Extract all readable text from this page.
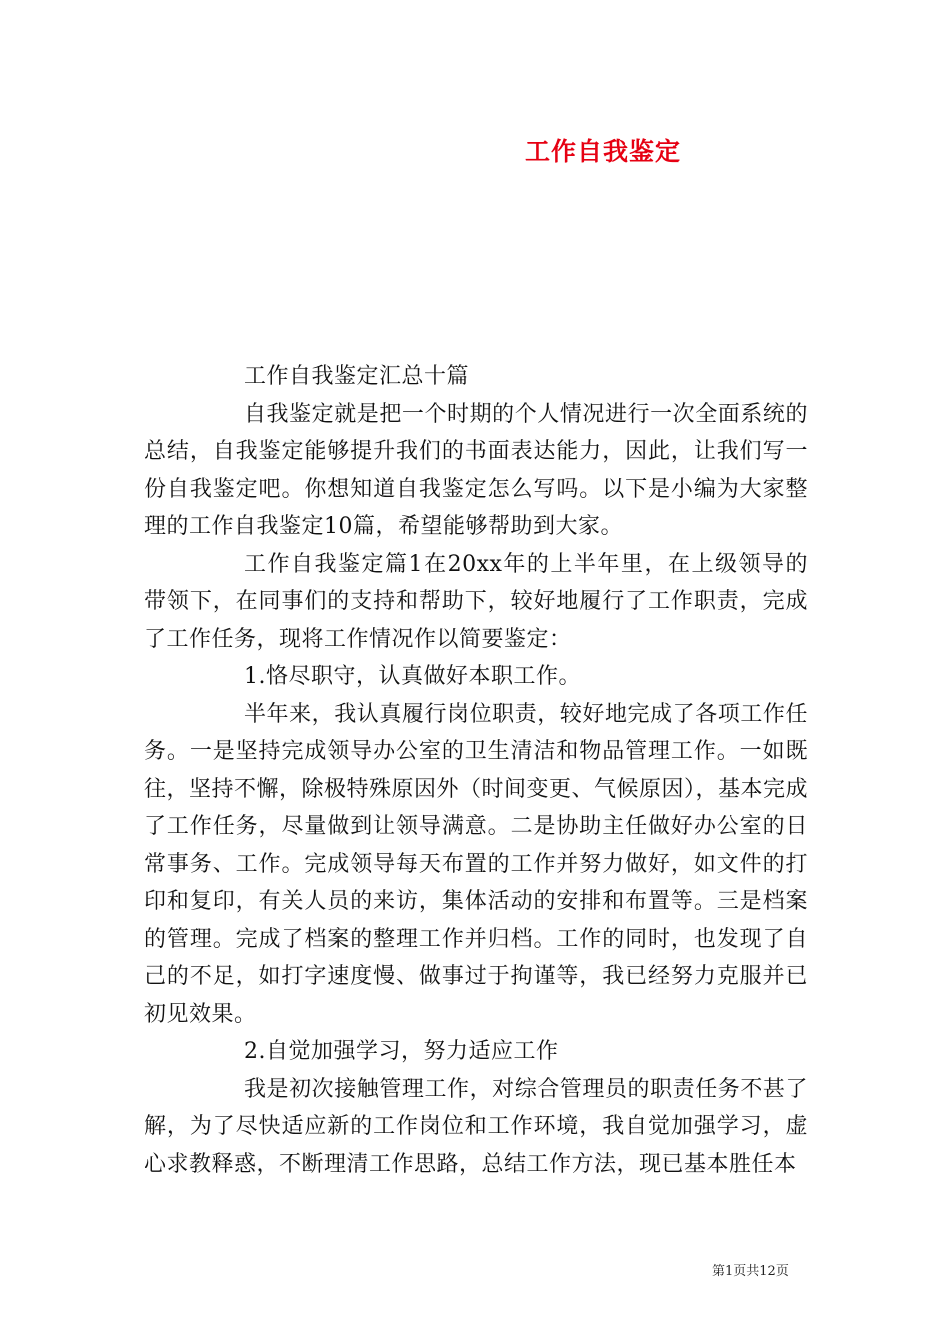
工作自我鉴定

工作自我鉴定汇总十篇

自我鉴定就是把一个时期的个人情况进行一次全面系统的总结，自我鉴定能够提升我们的书面表达能力，因此，让我们写一份自我鉴定吧。你想知道自我鉴定怎么写吗。以下是小编为大家整理的工作自我鉴定10篇，希望能够帮助到大家。

工作自我鉴定篇1在20xx年的上半年里，在上级领导的带领下，在同事们的支持和帮助下，较好地履行了工作职责，完成了工作任务，现将工作情况作以简要鉴定：

1.恪尽职守，认真做好本职工作。

半年来，我认真履行岗位职责，较好地完成了各项工作任务。一是坚持完成领导办公室的卫生清洁和物品管理工作。一如既往，坚持不懈，除极特殊原因外（时间变更、气候原因），基本完成了工作任务，尽量做到让领导满意。二是协助主任做好办公室的日常事务、工作。完成领导每天布置的工作并努力做好，如文件的打印和复印，有关人员的来访，集体活动的安排和布置等。三是档案的管理。完成了档案的整理工作并归档。工作的同时，也发现了自己的不足，如打字速度慢、做事过于拘谨等，我已经努力克服并已初见效果。

2.自觉加强学习，努力适应工作

我是初次接触管理工作，对综合管理员的职责任务不甚了解，为了尽快适应新的工作岗位和工作环境，我自觉加强学习，虚心求教释惑，不断理清工作思路，总结工作方法，现已基本胜任本

第1页共12页
